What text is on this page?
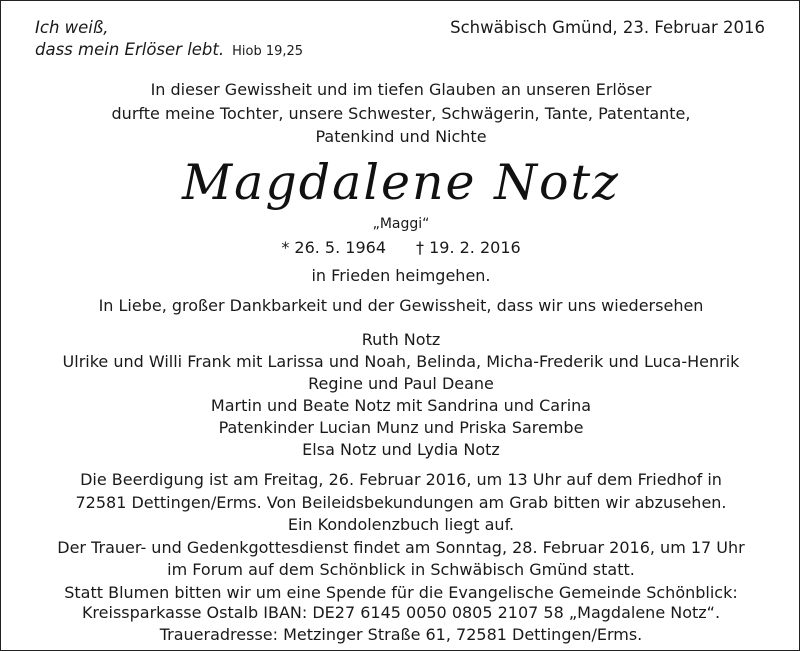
Ich weiß,
dass mein Erlöser lebt. Hiob 19,25
Schwäbisch Gmünd, 23. Februar 2016
In dieser Gewissheit und im tiefen Glauben an unseren Erlöser
durfte meine Tochter, unsere Schwester, Schwägerin, Tante, Patentante,
Patenkind und Nichte
Magdalene Notz
„Maggi“
* 26. 5. 1964 † 19. 2. 2016
in Frieden heimgehen.
In Liebe, großer Dankbarkeit und der Gewissheit, dass wir uns wiedersehen
Ruth Notz
Ulrike und Willi Frank mit Larissa und Noah, Belinda, Micha-Frederik und Luca-Henrik
Regine und Paul Deane
Martin und Beate Notz mit Sandrina und Carina
Patenkinder Lucian Munz und Priska Sarembe
Elsa Notz und Lydia Notz
Die Beerdigung ist am Freitag, 26. Februar 2016, um 13 Uhr auf dem Friedhof in
72581 Dettingen/Erms. Von Beileidsbekundungen am Grab bitten wir abzusehen.
Ein Kondolenzbuch liegt auf.
Der Trauer- und Gedenkgottesdienst findet am Sonntag, 28. Februar 2016, um 17 Uhr
im Forum auf dem Schönblick in Schwäbisch Gmünd statt.
Statt Blumen bitten wir um eine Spende für die Evangelische Gemeinde Schönblick:
Kreissparkasse Ostalb IBAN: DE27 6145 0050 0805 2107 58 „Magdalene Notz“.
Traueradresse: Metzinger Straße 61, 72581 Dettingen/Erms.
